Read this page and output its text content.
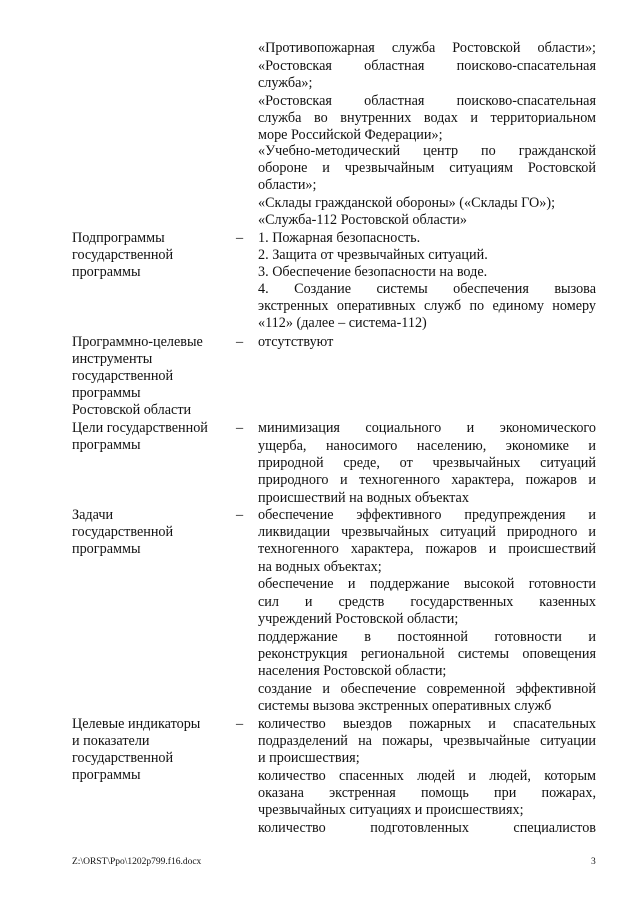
«Противопожарная служба Ростовской области»;
«Ростовская областная поисково-спасательная
служба»;
«Ростовская областная поисково-спасательная
служба во внутренних водах и территориальном
море Российской Федерации»;
«Учебно-методический центр по гражданской
обороне и чрезвычайным ситуациям Ростовской
области»;
«Склады гражданской обороны» («Склады ГО»);
«Служба-112 Ростовской области»
Подпрограммы
государственной
программы
– 1. Пожарная безопасность.
2. Защита от чрезвычайных ситуаций.
3. Обеспечение безопасности на воде.
4. Создание системы обеспечения вызова
экстренных оперативных служб по единому номеру
«112» (далее – система-112)
Программно-целевые
инструменты
государственной
программы
Ростовской области
– отсутствуют
Цели государственной
программы
– минимизация социального и экономического
ущерба, наносимого населению, экономике и
природной среде, от чрезвычайных ситуаций
природного и техногенного характера, пожаров и
происшествий на водных объектах
Задачи
государственной
программы
– обеспечение эффективного предупреждения и
ликвидации чрезвычайных ситуаций природного и
техногенного характера, пожаров и происшествий
на водных объектах;
обеспечение и поддержание высокой готовности
сил и средств государственных казенных
учреждений Ростовской области;
поддержание в постоянной готовности и
реконструкция региональной системы оповещения
населения Ростовской области;
создание и обеспечение современной эффективной
системы вызова экстренных оперативных служб
Целевые индикаторы
и показатели
государственной
программы
– количество выездов пожарных и спасательных
подразделений на пожары, чрезвычайные ситуации
и происшествия;
количество спасенных людей и людей, которым
оказана экстренная помощь при пожарах,
чрезвычайных ситуациях и происшествиях;
количество подготовленных специалистов
Z:\ORST\Ppo\1202p799.f16.docx	3
